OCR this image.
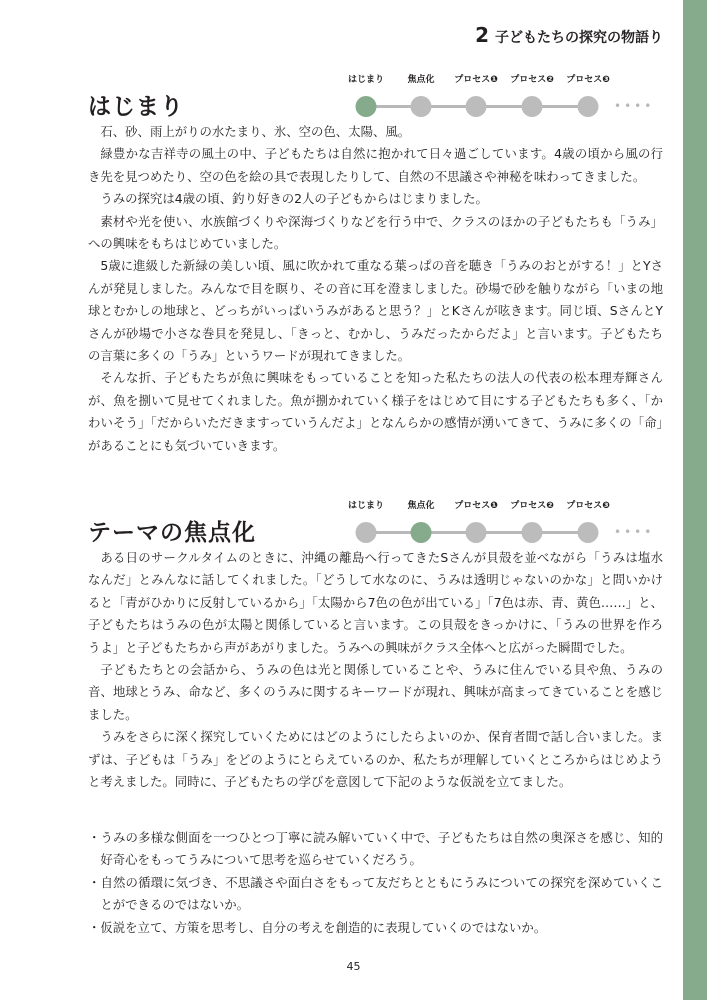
2 子どもたちの探究の物語り
はじまり
はじまり	焦点化 プロセス❶ プロセス❷ プロセス❸
••••

石、砂、雨上がりの水たまり、氷、空の色、太陽、風。

緑豊かな吉祥寺の風土の中、子どもたちは自然に抱かれて日々過ごしています。4歳の頃から風の行き先を見つめたり、空の色を絵の具で表現したりして、自然の不思議さや神秘を味わってきました。

うみの探究は4歳の頃、釣り好きの2人の子どもからはじまりました。

素材や光を使い、水族館づくりや深海づくりなどを行う中で、クラスのほかの子どもたちも「うみ」への興味をもちはじめていました。

5歳に進級した新緑の美しい頃、風に吹かれて重なる葉っぱの音を聴き「うみのおとがする！」とYさんが発見しました。みんなで目を瞑り、その音に耳を澄ましました。砂場で砂を触りながら「いまの地球とむかしの地球と、どっちがいっぱいうみがあると思う？」とKさんが呟きます。同じ頃、SさんとYさんが砂場で小さな巻貝を発見し、「きっと、むかし、うみだったからだよ」と言います。子どもたちの言葉に多くの「うみ」というワードが現れてきました。

そんな折、子どもたちが魚に興味をもっていることを知った私たちの法人の代表の松本理寿輝さんが、魚を捌いて見せてくれました。魚が捌かれていく様子をはじめて目にする子どもたちも多く、「かわいそう」「だからいただきますっていうんだよ」となんらかの感情が湧いてきて、うみに多くの「命」があることにも気づいていきます。

テーマの焦点化
はじまり	焦点化 プロセス❶ プロセス❷ プロセス❸
••••

ある日のサークルタイムのときに、沖縄の離島へ行ってきたSさんが貝殻を並べながら「うみは塩水なんだ」とみんなに話してくれました。「どうして水なのに、うみは透明じゃないのかな」と問いかけると「青がひかりに反射しているから」「太陽から7色の色が出ている」「7色は赤、青、黄色……」と、子どもたちはうみの色が太陽と関係していると言います。この貝殻をきっかけに、「うみの世界を作ろうよ」と子どもたちから声があがりました。うみへの興味がクラス全体へと広がった瞬間でした。

子どもたちとの会話から、うみの色は光と関係していることや、うみに住んでいる貝や魚、うみの音、地球とうみ、命など、多くのうみに関するキーワードが現れ、興味が高まってきていることを感じました。

うみをさらに深く探究していくためにはどのようにしたらよいのか、保育者間で話し合いました。まずは、子どもは「うみ」をどのようにとらえているのか、私たちが理解していくところからはじめようと考えました。同時に、子どもたちの学びを意図して下記のような仮説を立てました。

・うみの多様な側面を一つひとつ丁寧に読み解いていく中で、子どもたちは自然の奥深さを感じ、知的好奇心をもってうみについて思考を巡らせていくだろう。
・自然の循環に気づき、不思議さや面白さをもって友だちとともにうみについての探究を深めていくことができるのではないか。
・仮説を立て、方策を思考し、自分の考えを創造的に表現していくのではないか。
45
